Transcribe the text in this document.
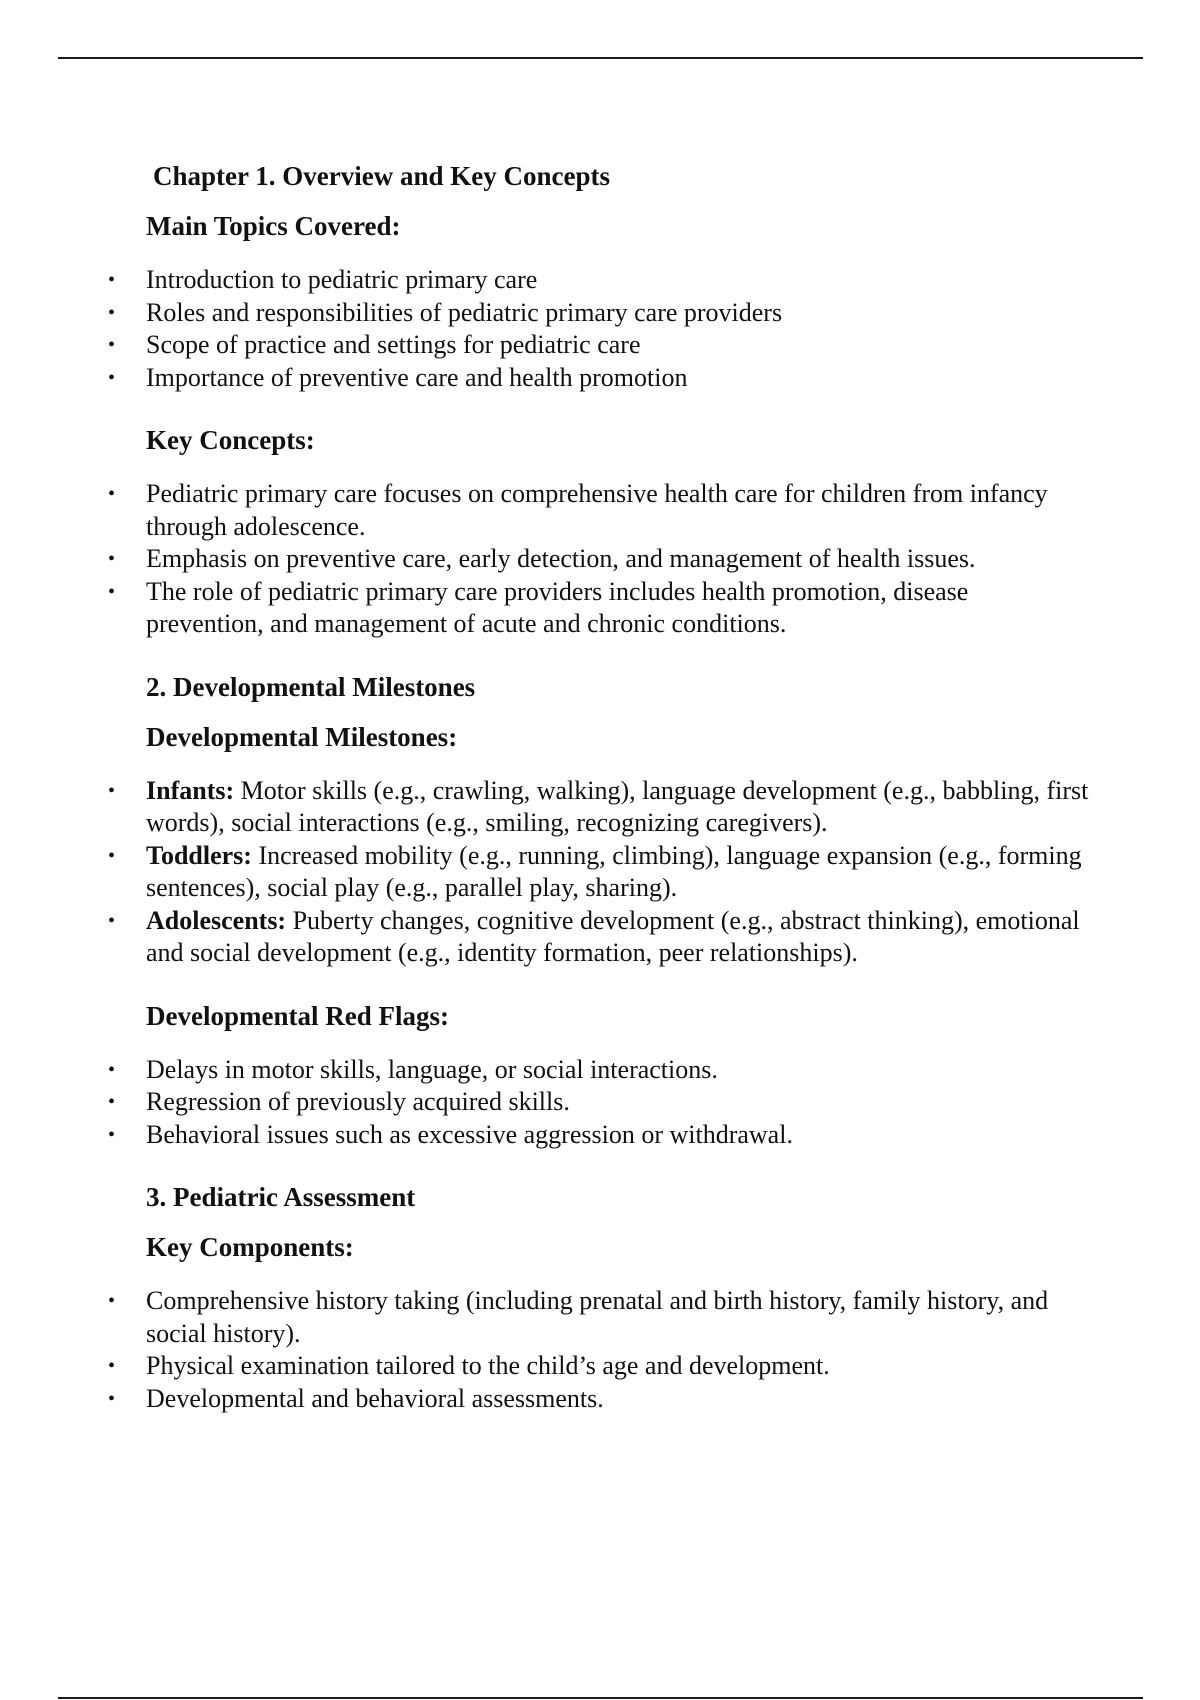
Chapter 1. Overview and Key Concepts
Main Topics Covered:
• Introduction to pediatric primary care
• Roles and responsibilities of pediatric primary care providers
• Scope of practice and settings for pediatric care
• Importance of preventive care and health promotion
Key Concepts:
• Pediatric primary care focuses on comprehensive health care for children from infancy through adolescence.
• Emphasis on preventive care, early detection, and management of health issues.
• The role of pediatric primary care providers includes health promotion, disease prevention, and management of acute and chronic conditions.
2. Developmental Milestones
Developmental Milestones:
• Infants: Motor skills (e.g., crawling, walking), language development (e.g., babbling, first words), social interactions (e.g., smiling, recognizing caregivers).
• Toddlers: Increased mobility (e.g., running, climbing), language expansion (e.g., forming sentences), social play (e.g., parallel play, sharing).
• Adolescents: Puberty changes, cognitive development (e.g., abstract thinking), emotional and social development (e.g., identity formation, peer relationships).
Developmental Red Flags:
• Delays in motor skills, language, or social interactions.
• Regression of previously acquired skills.
• Behavioral issues such as excessive aggression or withdrawal.
3. Pediatric Assessment
Key Components:
• Comprehensive history taking (including prenatal and birth history, family history, and social history).
• Physical examination tailored to the child’s age and development.
• Developmental and behavioral assessments.
